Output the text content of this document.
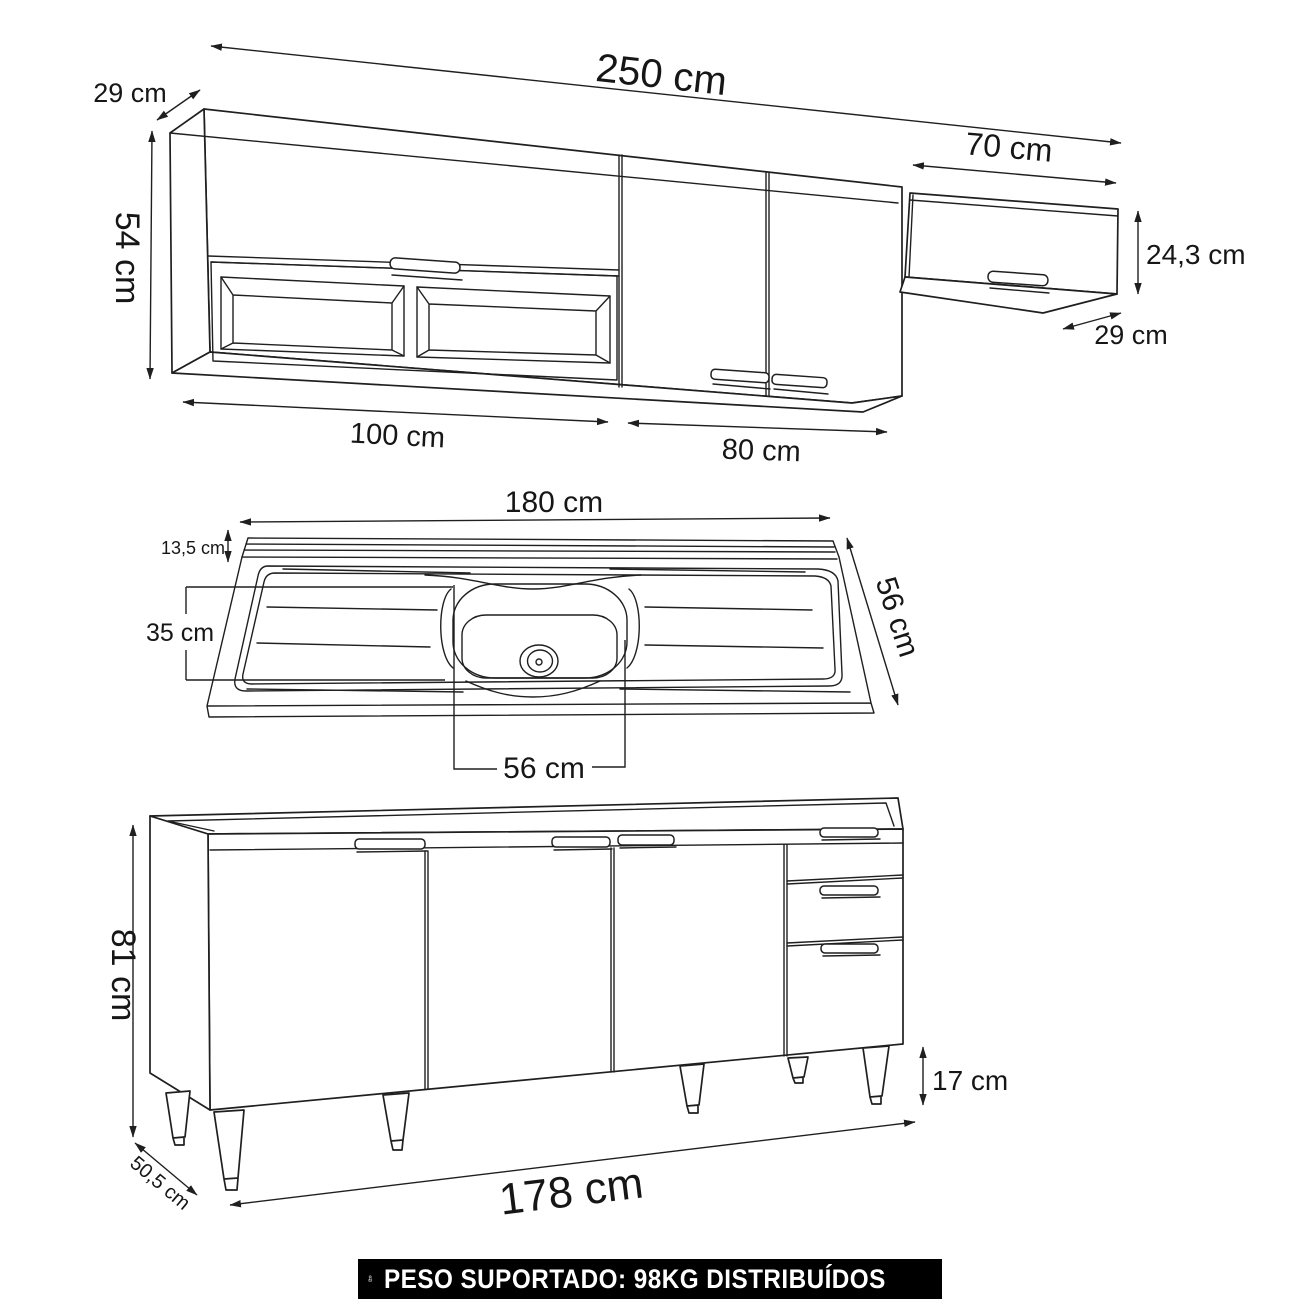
250 cm
29 cm
54 cm
70 cm
24,3 cm
29 cm
100 cm	80 cm
180 cm
13,5 cm
35 cm	56 cm
56 cm
81 cm
50,5 cm
17 cm
178 cm
KG PESO SUPORTADO: 98KG DISTRIBUÍDOS
